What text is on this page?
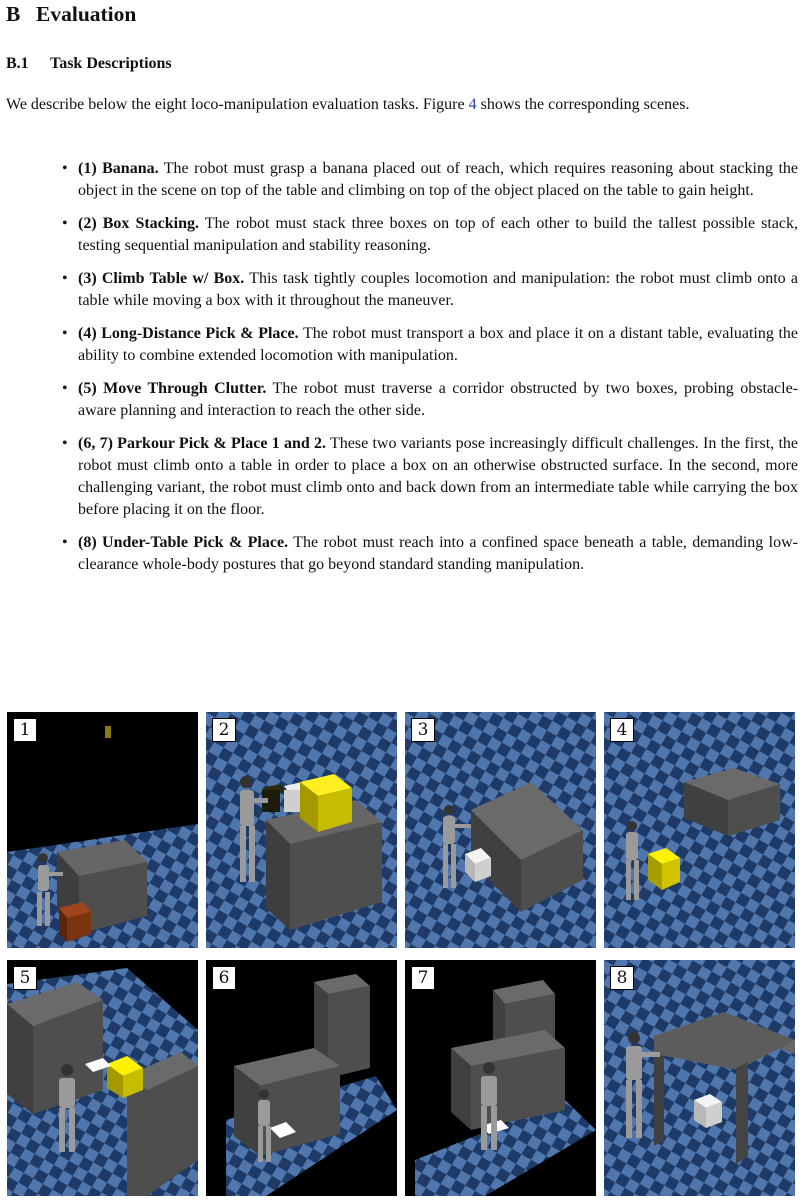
B Evaluation
B.1 Task Descriptions

We describe below the eight loco-manipulation evaluation tasks. Figure 4 shows the corresponding scenes.

• (1) Banana. The robot must grasp a banana placed out of reach, which requires reasoning about stacking the object in the scene on top of the table and climbing on top of the object placed on the table to gain height.
• (2) Box Stacking. The robot must stack three boxes on top of each other to build the tallest possible stack, testing sequential manipulation and stability reasoning.
• (3) Climb Table w/ Box. This task tightly couples locomotion and manipulation: the robot must climb onto a table while moving a box with it throughout the maneuver.
• (4) Long-Distance Pick & Place. The robot must transport a box and place it on a distant table, evaluating the ability to combine extended locomotion with manipulation.
• (5) Move Through Clutter. The robot must traverse a corridor obstructed by two boxes, probing obstacle-aware planning and interaction to reach the other side.
• (6, 7) Parkour Pick & Place 1 and 2. These two variants pose increasingly difficult challenges. In the first, the robot must climb onto a table in order to place a box on an otherwise obstructed surface. In the second, more challenging variant, the robot must climb onto and back down from an intermediate table while carrying the box before placing it on the floor.
• (8) Under-Table Pick & Place. The robot must reach into a confined space beneath a table, demanding low-clearance whole-body postures that go beyond standard standing manipulation.
1	2	3	4
5	6	7	8
